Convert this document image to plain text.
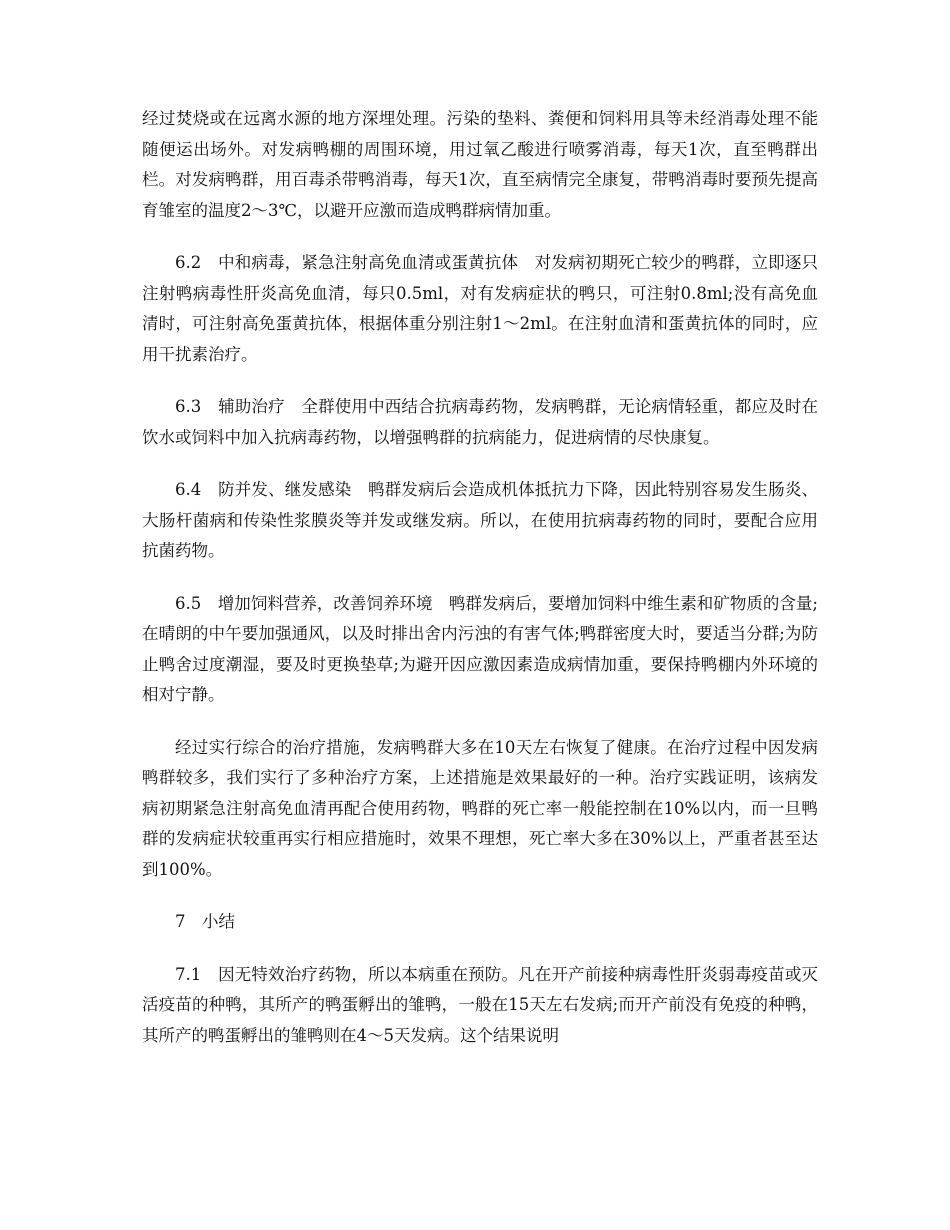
经过焚烧或在远离水源的地方深埋处理。污染的垫料、粪便和饲料用具等未经消毒处理不能随便运出场外。对发病鸭棚的周围环境，用过氧乙酸进行喷雾消毒，每天1次，直至鸭群出栏。对发病鸭群，用百毒杀带鸭消毒，每天1次，直至病情完全康复，带鸭消毒时要预先提高育雏室的温度2～3℃，以避开应激而造成鸭群病情加重。

6.2　中和病毒，紧急注射高免血清或蛋黄抗体　对发病初期死亡较少的鸭群，立即逐只注射鸭病毒性肝炎高免血清，每只0.5ml，对有发病症状的鸭只，可注射0.8ml;没有高免血清时，可注射高免蛋黄抗体，根据体重分别注射1～2ml。在注射血清和蛋黄抗体的同时，应用干扰素治疗。

6.3　辅助治疗　全群使用中西结合抗病毒药物，发病鸭群，无论病情轻重，都应及时在饮水或饲料中加入抗病毒药物，以增强鸭群的抗病能力，促进病情的尽快康复。

6.4　防并发、继发感染　鸭群发病后会造成机体抵抗力下降，因此特别容易发生肠炎、大肠杆菌病和传染性浆膜炎等并发或继发病。所以，在使用抗病毒药物的同时，要配合应用抗菌药物。

6.5　增加饲料营养，改善饲养环境　鸭群发病后，要增加饲料中维生素和矿物质的含量;在晴朗的中午要加强通风，以及时排出舍内污浊的有害气体;鸭群密度大时，要适当分群;为防止鸭舍过度潮湿，要及时更换垫草;为避开因应激因素造成病情加重，要保持鸭棚内外环境的相对宁静。

经过实行综合的治疗措施，发病鸭群大多在10天左右恢复了健康。在治疗过程中因发病鸭群较多，我们实行了多种治疗方案，上述措施是效果最好的一种。治疗实践证明，该病发病初期紧急注射高免血清再配合使用药物，鸭群的死亡率一般能控制在10%以内，而一旦鸭群的发病症状较重再实行相应措施时，效果不理想，死亡率大多在30%以上，严重者甚至达到100%。

7　小结

7.1　因无特效治疗药物，所以本病重在预防。凡在开产前接种病毒性肝炎弱毒疫苗或灭活疫苗的种鸭，其所产的鸭蛋孵出的雏鸭，一般在15天左右发病;而开产前没有免疫的种鸭，其所产的鸭蛋孵出的雏鸭则在4～5天发病。这个结果说明
